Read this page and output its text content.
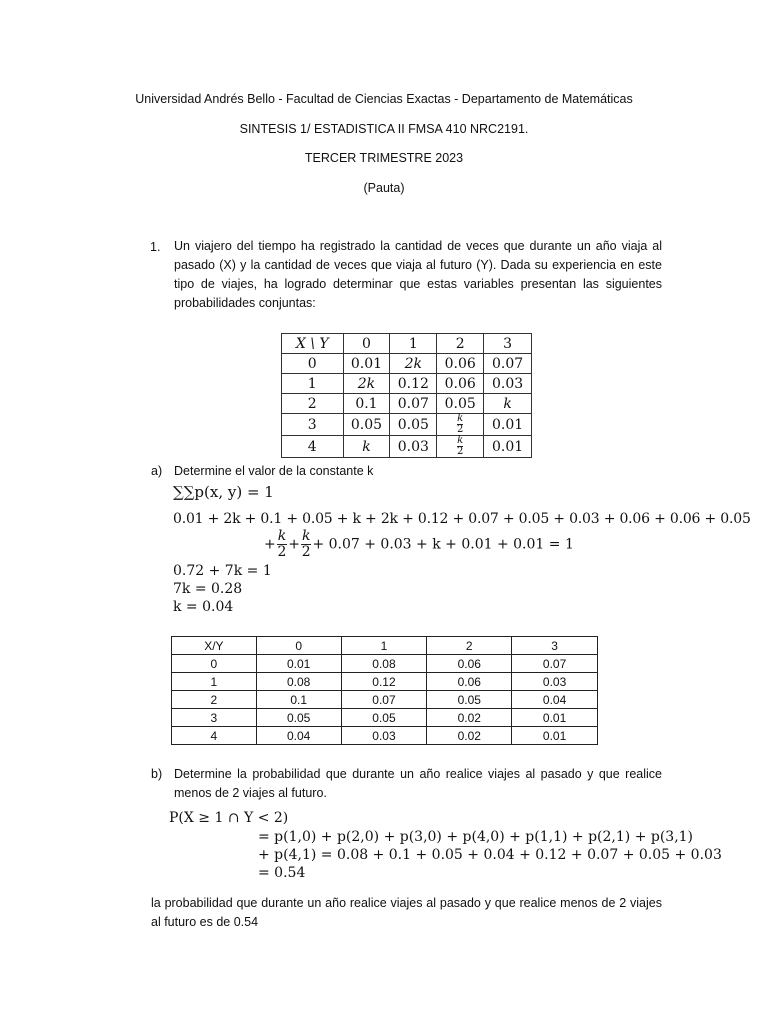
Universidad Andrés Bello - Facultad de Ciencias Exactas - Departamento de Matemáticas
SINTESIS 1/ ESTADISTICA II FMSA 410 NRC2191.
TERCER TRIMESTRE 2023
(Pauta)
1. Un viajero del tiempo ha registrado la cantidad de veces que durante un año viaja al pasado (X) y la cantidad de veces que viaja al futuro (Y). Dada su experiencia en este tipo de viajes, ha logrado determinar que estas variables presentan las siguientes probabilidades conjuntas:
X \ Y	0	1	2	3
0	0.01	2k	0.06	0.07
1	2k	0.12	0.06	0.03
2	0.1	0.07	0.05	k
3	0.05	0.05	$\frac{k}{2}$	0.01
4	k	0.03	$\frac{k}{2}$	0.01
a) Determine el valor de la constante k
∑∑p(x, y) = 1
0.01 + 2k + 0.1 + 0.05 + k + 2k + 0.12 + 0.07 + 0.05 + 0.03 + 0.06 + 0.06 + 0.05
+ $\frac{k}{2} + \frac{k}{2} + 0.07 + 0.03 + k + 0.01 + 0.01 = 1$
0.72 + 7k = 1
7k = 0.28
k = 0.04
X/Y	0	1	2	3
0	0.01	0.08	0.06	0.07
1	0.08	0.12	0.06	0.03
2	0.1	0.07	0.05	0.04
3	0.05	0.05	0.02	0.01
4	0.04	0.03	0.02	0.01
b) Determine la probabilidad que durante un año realice viajes al pasado y que realice menos de 2 viajes al futuro.
P(X ≥ 1 ∩ Y < 2)
= p(1,0) + p(2,0) + p(3,0) + p(4,0) + p(1,1) + p(2,1) + p(3,1)
+ p(4,1) = 0.08 + 0.1 + 0.05 + 0.04 + 0.12 + 0.07 + 0.05 + 0.03
= 0.54
la probabilidad que durante un año realice viajes al pasado y que realice menos de 2 viajes al futuro es de 0.54
